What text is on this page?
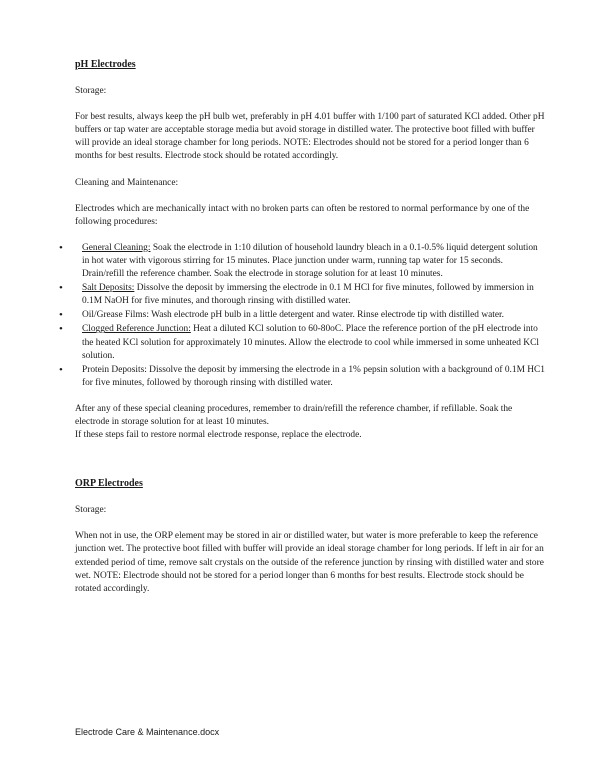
pH Electrodes
Storage:
For best results, always keep the pH bulb wet, preferably in pH 4.01 buffer with 1/100 part of saturated KCl added. Other pH buffers or tap water are acceptable storage media but avoid storage in distilled water. The protective boot filled with buffer will provide an ideal storage chamber for long periods. NOTE: Electrodes should not be stored for a period longer than 6 months for best results. Electrode stock should be rotated accordingly.
Cleaning and Maintenance:
Electrodes which are mechanically intact with no broken parts can often be restored to normal performance by one of the following procedures:
• General Cleaning: Soak the electrode in 1:10 dilution of household laundry bleach in a 0.1-0.5% liquid detergent solution in hot water with vigorous stirring for 15 minutes. Place junction under warm, running tap water for 15 seconds. Drain/refill the reference chamber. Soak the electrode in storage solution for at least 10 minutes.
• Salt Deposits: Dissolve the deposit by immersing the electrode in 0.1 M HCl for five minutes, followed by immersion in 0.1M NaOH for five minutes, and thorough rinsing with distilled water.
• Oil/Grease Films: Wash electrode pH bulb in a little detergent and water. Rinse electrode tip with distilled water.
• Clogged Reference Junction: Heat a diluted KCl solution to 60-80oC. Place the reference portion of the pH electrode into the heated KCl solution for approximately 10 minutes. Allow the electrode to cool while immersed in some unheated KCl solution.
• Protein Deposits: Dissolve the deposit by immersing the electrode in a 1% pepsin solution with a background of 0.1M HC1 for five minutes, followed by thorough rinsing with distilled water.
After any of these special cleaning procedures, remember to drain/refill the reference chamber, if refillable. Soak the electrode in storage solution for at least 10 minutes.
If these steps fail to restore normal electrode response, replace the electrode.
ORP Electrodes
Storage:
When not in use, the ORP element may be stored in air or distilled water, but water is more preferable to keep the reference junction wet. The protective boot filled with buffer will provide an ideal storage chamber for long periods. If left in air for an extended period of time, remove salt crystals on the outside of the reference junction by rinsing with distilled water and store wet. NOTE: Electrode should not be stored for a period longer than 6 months for best results. Electrode stock should be rotated accordingly.
Electrode Care & Maintenance.docx
